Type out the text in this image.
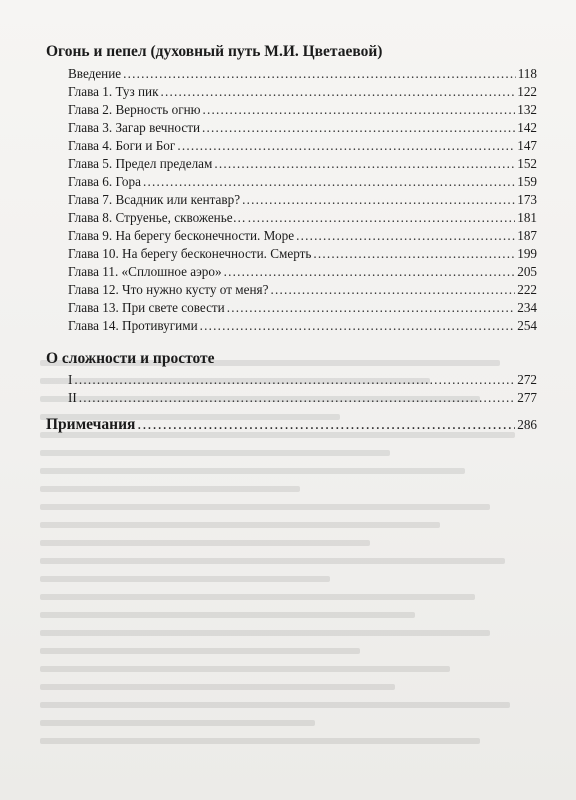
Огонь и пепел (духовный путь М.И. Цветаевой)
Введение .....	118
Глава 1. Туз пик .....	122
Глава 2. Верность огню .....	132
Глава 3. Загар вечности .....	142
Глава 4. Боги и Бог .....	147
Глава 5. Предел пределам .....	152
Глава 6. Гора .....	159
Глава 7. Всадник или кентавр? .....	173
Глава 8. Струенье, сквоженье… .....	181
Глава 9. На берегу бесконечности. Море .....	187
Глава 10. На берегу бесконечности. Смерть .....	199
Глава 11. «Сплошное аэро» .....	205
Глава 12. Что нужно кусту от меня? .....	222
Глава 13. При свете совести .....	234
Глава 14. Противугими .....	254
О сложности и простоте
I .....	272
II .....	277
Примечания .....	286
